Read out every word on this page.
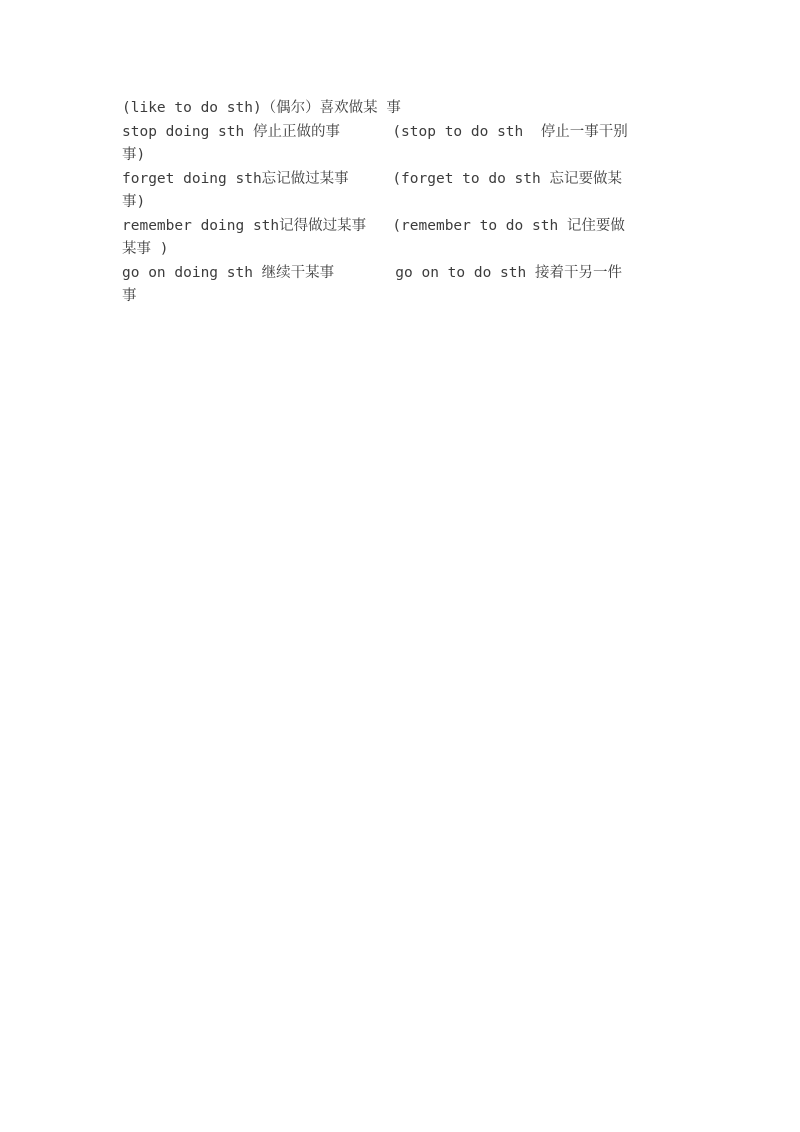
(like to do sth)（偶尔）喜欢做某 事
stop doing sth 停止正做的事      (stop to do sth  停止一事干别
事)
forget doing sth忘记做过某事     (forget to do sth 忘记要做某
事)
remember doing sth记得做过某事   (remember to do sth 记住要做
某事 )
go on doing sth 继续干某事       go on to do sth 接着干另一件
事
